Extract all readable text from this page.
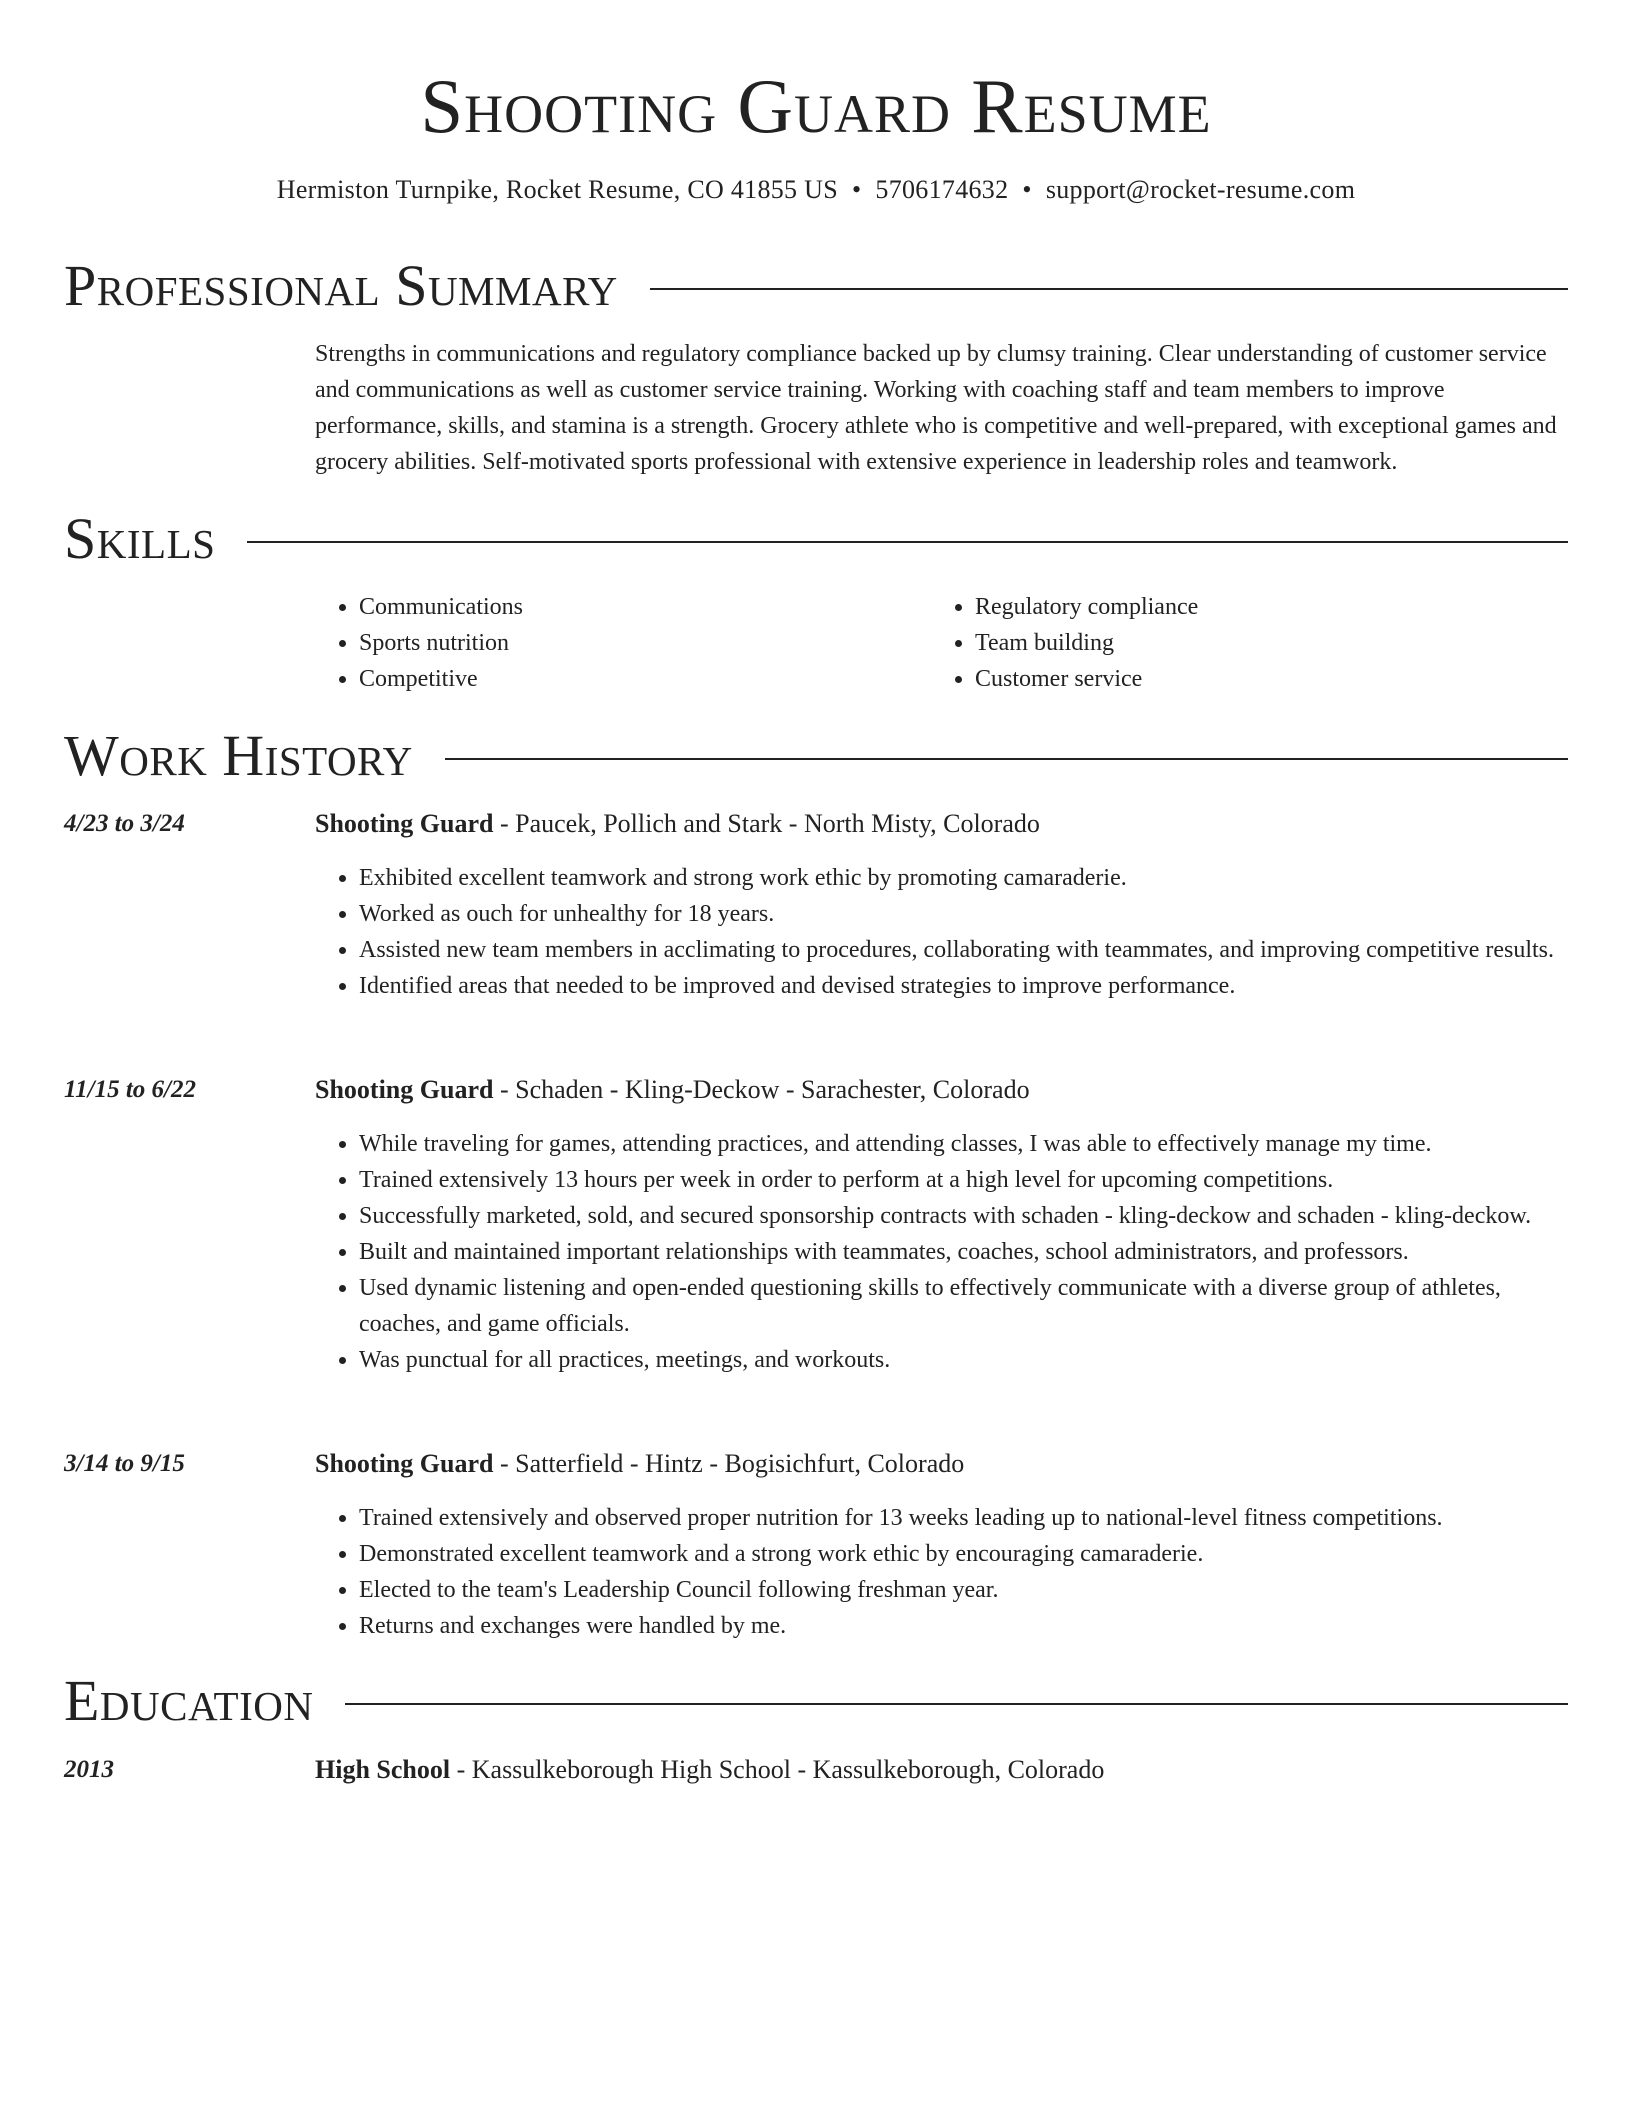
Shooting Guard Resume
Hermiston Turnpike, Rocket Resume, CO 41855 US • 5706174632 • support@rocket-resume.com
Professional Summary
Strengths in communications and regulatory compliance backed up by clumsy training. Clear understanding of customer service and communications as well as customer service training. Working with coaching staff and team members to improve performance, skills, and stamina is a strength. Grocery athlete who is competitive and well-prepared, with exceptional games and grocery abilities. Self-motivated sports professional with extensive experience in leadership roles and teamwork.
Skills
• Communications
• Sports nutrition
• Competitive
• Regulatory compliance
• Team building
• Customer service
Work History
4/23 to 3/24	Shooting Guard - Paucek, Pollich and Stark - North Misty, Colorado
• Exhibited excellent teamwork and strong work ethic by promoting camaraderie.
• Worked as ouch for unhealthy for 18 years.
• Assisted new team members in acclimating to procedures, collaborating with teammates, and improving competitive results.
• Identified areas that needed to be improved and devised strategies to improve performance.
11/15 to 6/22	Shooting Guard - Schaden - Kling-Deckow - Sarachester, Colorado
• While traveling for games, attending practices, and attending classes, I was able to effectively manage my time.
• Trained extensively 13 hours per week in order to perform at a high level for upcoming competitions.
• Successfully marketed, sold, and secured sponsorship contracts with schaden - kling-deckow and schaden - kling-deckow.
• Built and maintained important relationships with teammates, coaches, school administrators, and professors.
• Used dynamic listening and open-ended questioning skills to effectively communicate with a diverse group of athletes, coaches, and game officials.
• Was punctual for all practices, meetings, and workouts.
3/14 to 9/15	Shooting Guard - Satterfield - Hintz - Bogisichfurt, Colorado
• Trained extensively and observed proper nutrition for 13 weeks leading up to national-level fitness competitions.
• Demonstrated excellent teamwork and a strong work ethic by encouraging camaraderie.
• Elected to the team's Leadership Council following freshman year.
• Returns and exchanges were handled by me.
Education
2013	High School - Kassulkeborough High School - Kassulkeborough, Colorado
